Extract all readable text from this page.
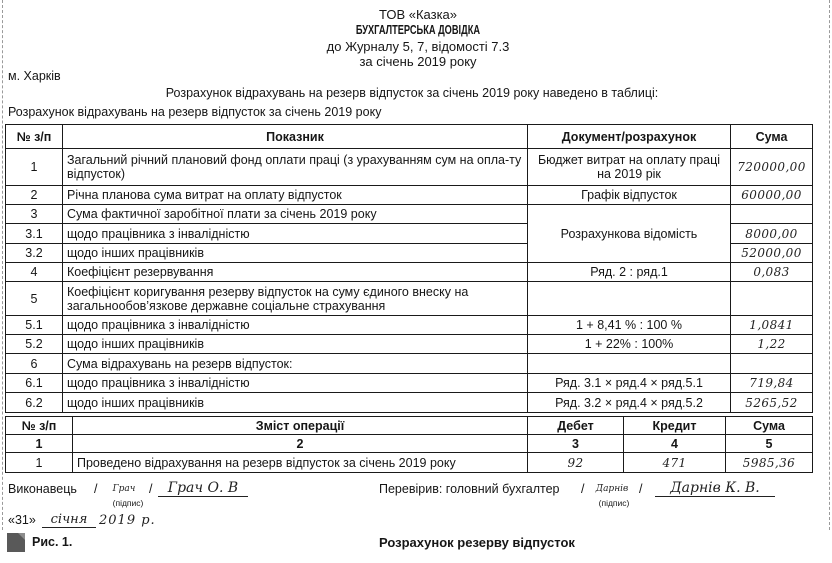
ТОВ «Казка»
БУХГАЛТЕРСЬКА ДОВІДКА
до Журналу 5, 7, відомості 7.3
за січень 2019 року
м. Харків
Розрахунок відрахувань на резерв відпусток за січень 2019 року наведено в таблиці:
Розрахунок відрахувань на резерв відпусток за січень 2019 року
№ з/п	Показник	Документ/розрахунок	Сума
1	Загальний річний плановий фонд оплати праці (з урахуванням сум на опла-ту відпусток)	Бюджет витрат на оплату праці на 2019 рік	720000,00
2	Річна планова сума витрат на оплату відпусток	Графік відпусток	60000,00
3	Сума фактичної заробітної плати за січень 2019 року	Розрахункова відомість	
3.1	щодо працівника з інвалідністю		8000,00
3.2	щодо інших працівників		52000,00
4	Коефіцієнт резервування	Ряд. 2 : ряд.1	0,083
5	Коефіцієнт коригування резерву відпусток на суму єдиного внеску на загальнообов’язкове державне соціальне страхування		
5.1	щодо працівника з інвалідністю	1 + 8,41 % : 100 %	1,0841
5.2	щодо інших працівників	1 + 22% : 100%	1,22
6	Сума відрахувань на резерв відпусток:		
6.1	щодо працівника з інвалідністю	Ряд. 3.1 × ряд.4 × ряд.5.1	719,84
6.2	щодо інших працівників	Ряд. 3.2 × ряд.4 × ряд.5.2	5265,52
№ з/п	Зміст операції	Дебет	Кредит	Сума
1	2	3	4	5
1	Проведено відрахування на резерв відпусток за січень 2019 року	92	471	5985,36
Виконавець /	Грач
(підпис)
/	Грач О. В	Перевірив: головний бухгалтер /	Дарнів
(підпис)
/	Дарнів К. В.
«31»	січня 2019 р.
Рис. 1.	Розрахунок резерву відпусток
